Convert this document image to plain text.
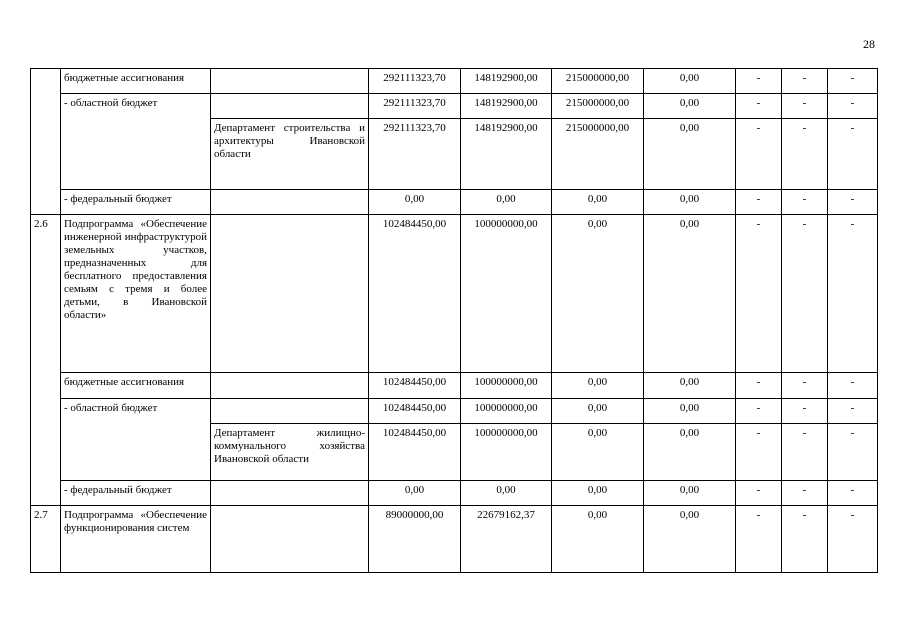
28
	бюджетные ассигнования		292111323,70	148192900,00	215000000,00	0,00	-	-	-
	- областной бюджет		292111323,70	148192900,00	215000000,00	0,00	-	-	-
		Департамент строительства и архитектуры Ивановской области	292111323,70	148192900,00	215000000,00	0,00	-	-	-
	- федеральный бюджет		0,00	0,00	0,00	0,00	-	-	-
2.6	Подпрограмма «Обеспечение инженерной инфраструктурой земельных участков, предназначенных для бесплатного предоставления семьям с тремя и более детьми, в Ивановской области»		102484450,00	100000000,00	0,00	0,00	-	-	-
	бюджетные ассигнования		102484450,00	100000000,00	0,00	0,00	-	-	-
	- областной бюджет		102484450,00	100000000,00	0,00	0,00	-	-	-
		Департамент жилищно-коммунального хозяйства Ивановской области	102484450,00	100000000,00	0,00	0,00	-	-	-
	- федеральный бюджет		0,00	0,00	0,00	0,00	-	-	-
2.7	Подпрограмма «Обеспечение функционирования систем		89000000,00	22679162,37	0,00	0,00	-	-	-
